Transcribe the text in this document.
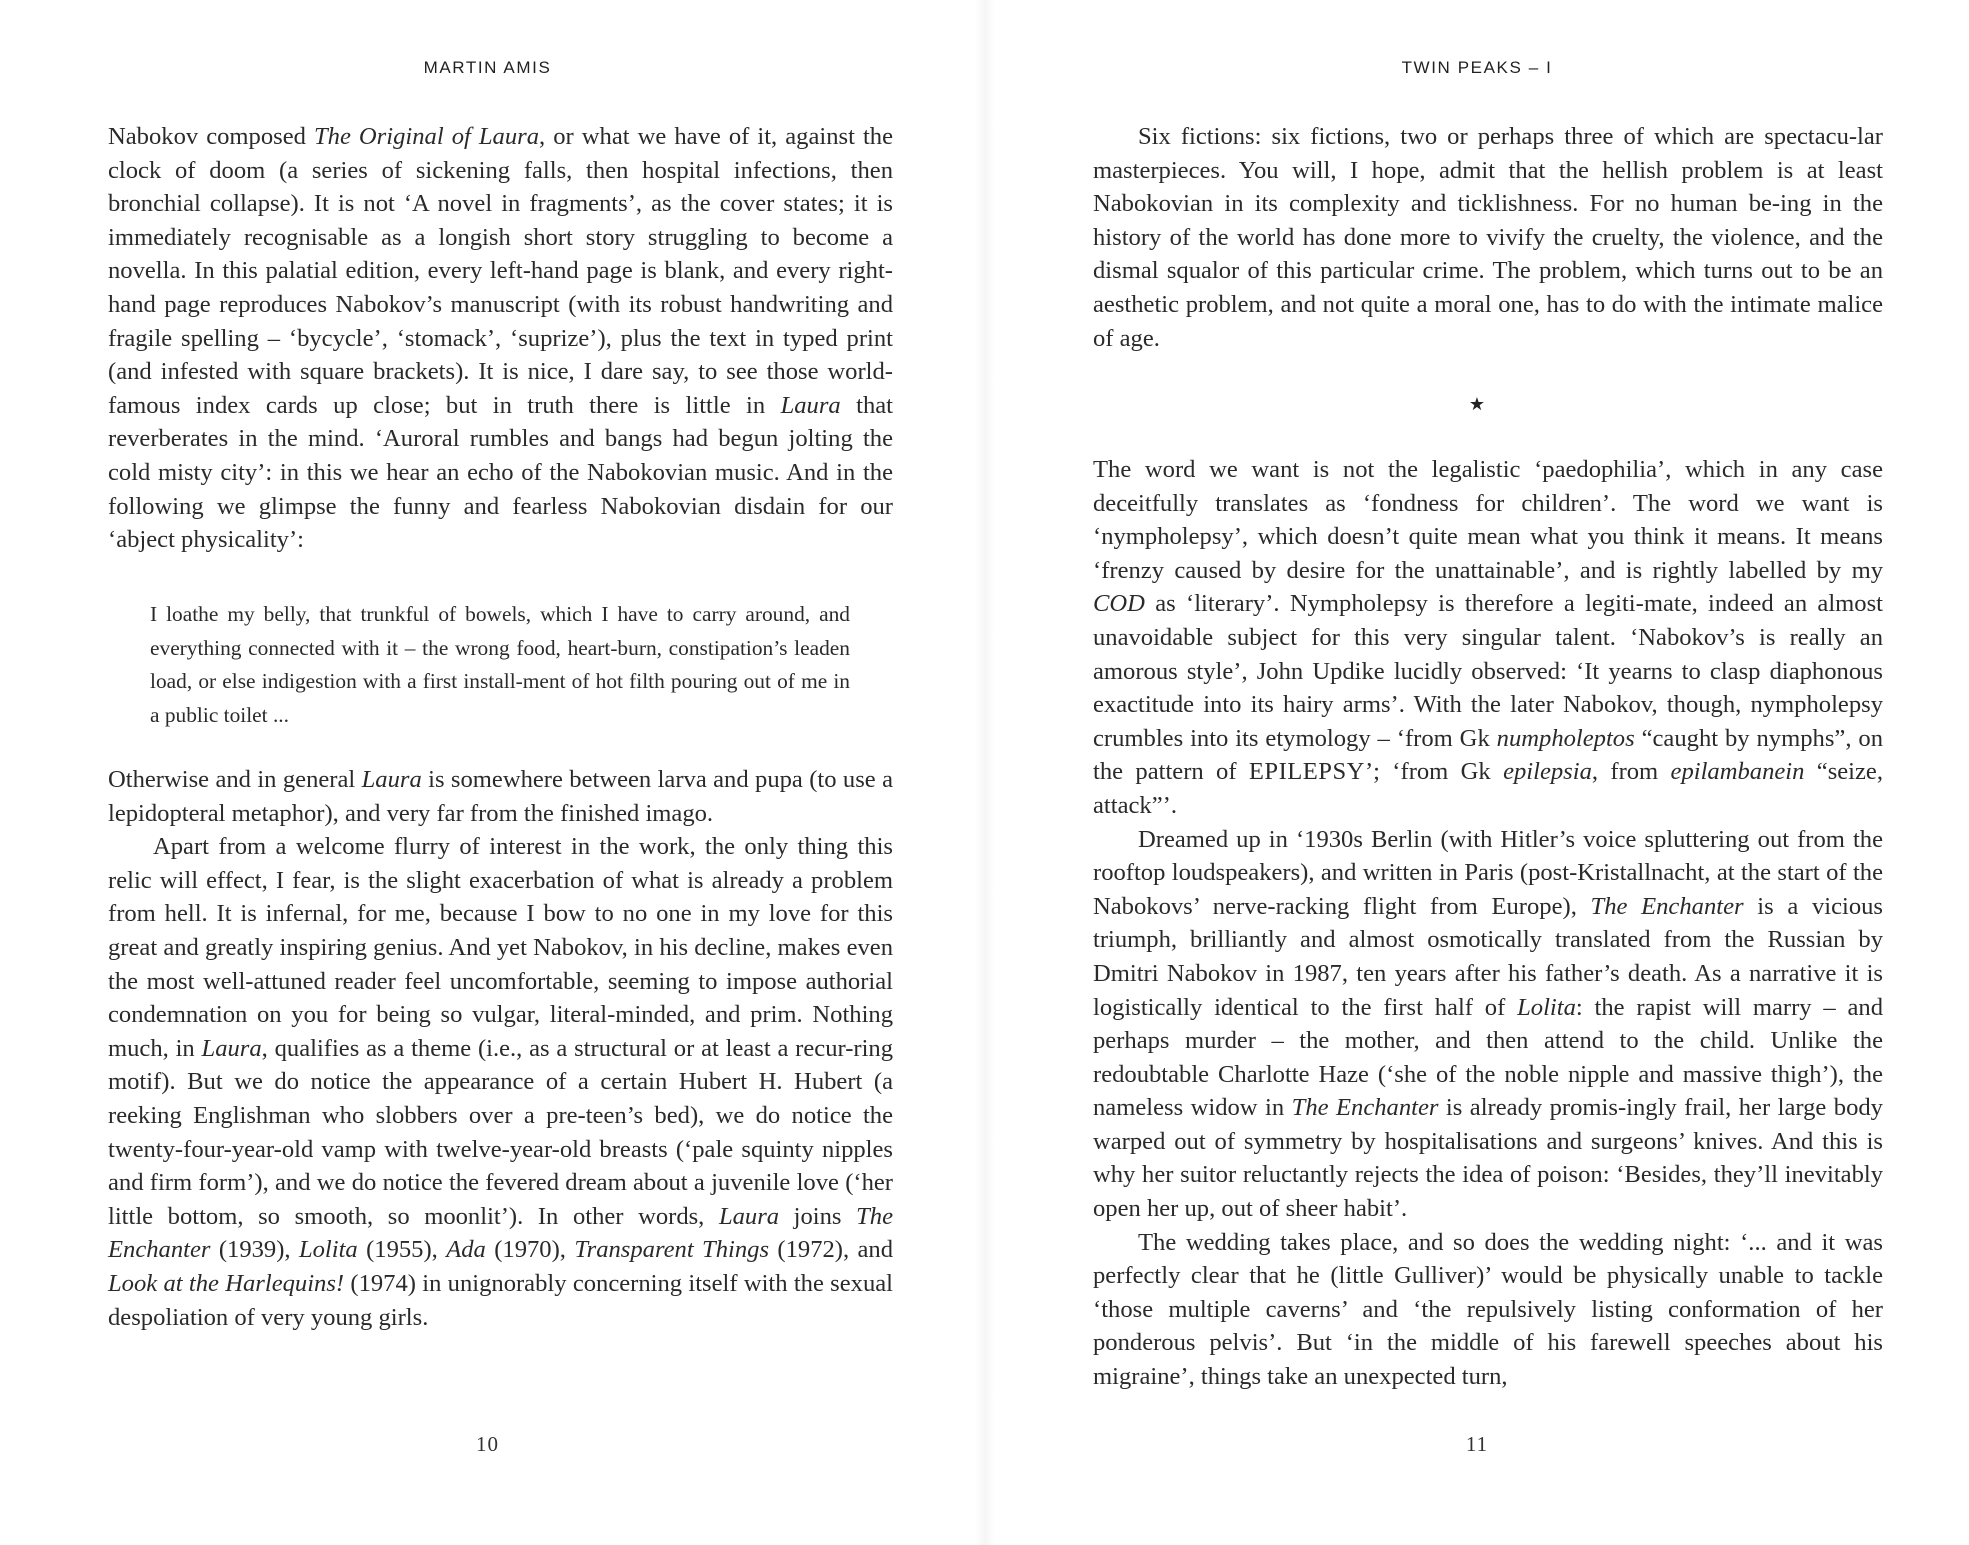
MARTIN AMIS

Nabokov composed The Original of Laura, or what we have of it, against the clock of doom (a series of sickening falls, then hospital infections, then bronchial collapse). It is not ‘A novel in fragments’, as the cover states; it is immediately recognisable as a longish short story struggling to become a novella. In this palatial edition, every left-hand page is blank, and every right-hand page reproduces Nabokov’s manuscript (with its robust handwriting and fragile spelling – ‘bycycle’, ‘stomack’, ‘suprize’), plus the text in typed print (and infested with square brackets). It is nice, I dare say, to see those world-famous index cards up close; but in truth there is little in Laura that reverberates in the mind. ‘Auroral rumbles and bangs had begun jolting the cold misty city’: in this we hear an echo of the Nabokovian music. And in the following we glimpse the funny and fearless Nabokovian disdain for our ‘abject physicality’:

I loathe my belly, that trunkful of bowels, which I have to carry around, and everything connected with it – the wrong food, heart-burn, constipation’s leaden load, or else indigestion with a first install-ment of hot filth pouring out of me in a public toilet ...

Otherwise and in general Laura is somewhere between larva and pupa (to use a lepidopteral metaphor), and very far from the finished imago.

Apart from a welcome flurry of interest in the work, the only thing this relic will effect, I fear, is the slight exacerbation of what is already a problem from hell. It is infernal, for me, because I bow to no one in my love for this great and greatly inspiring genius. And yet Nabokov, in his decline, makes even the most well-attuned reader feel uncomfortable, seeming to impose authorial condemnation on you for being so vulgar, literal-minded, and prim. Nothing much, in Laura, qualifies as a theme (i.e., as a structural or at least a recur-ring motif). But we do notice the appearance of a certain Hubert H. Hubert (a reeking Englishman who slobbers over a pre-teen’s bed), we do notice the twenty-four-year-old vamp with twelve-year-old breasts (‘pale squinty nipples and firm form’), and we do notice the fevered dream about a juvenile love (‘her little bottom, so smooth, so moonlit’). In other words, Laura joins The Enchanter (1939), Lolita (1955), Ada (1970), Transparent Things (1972), and Look at the Harlequins! (1974) in unignorably concerning itself with the sexual despoliation of very young girls.

10
TWIN PEAKS – I

Six fictions: six fictions, two or perhaps three of which are spectacu-lar masterpieces. You will, I hope, admit that the hellish problem is at least Nabokovian in its complexity and ticklishness. For no human be-ing in the history of the world has done more to vivify the cruelty, the violence, and the dismal squalor of this particular crime. The problem, which turns out to be an aesthetic problem, and not quite a moral one, has to do with the intimate malice of age.

★

The word we want is not the legalistic ‘paedophilia’, which in any case deceitfully translates as ‘fondness for children’. The word we want is ‘nympholepsy’, which doesn’t quite mean what you think it means. It means ‘frenzy caused by desire for the unattainable’, and is rightly labelled by my COD as ‘literary’. Nympholepsy is therefore a legiti-mate, indeed an almost unavoidable subject for this very singular talent. ‘Nabokov’s is really an amorous style’, John Updike lucidly observed: ‘It yearns to clasp diaphonous exactitude into its hairy arms’. With the later Nabokov, though, nympholepsy crumbles into its etymology – ‘from Gk numpholeptos “caught by nymphs”, on the pattern of EPILEPSY’; ‘from Gk epilepsia, from epilambanein “seize, attack”’.

Dreamed up in ‘1930s Berlin (with Hitler’s voice spluttering out from the rooftop loudspeakers), and written in Paris (post-Kristallnacht, at the start of the Nabokovs’ nerve-racking flight from Europe), The Enchanter is a vicious triumph, brilliantly and almost osmotically translated from the Russian by Dmitri Nabokov in 1987, ten years after his father’s death. As a narrative it is logistically identical to the first half of Lolita: the rapist will marry – and perhaps murder – the mother, and then attend to the child. Unlike the redoubtable Charlotte Haze (‘she of the noble nipple and massive thigh’), the nameless widow in The Enchanter is already promis-ingly frail, her large body warped out of symmetry by hospitalisations and surgeons’ knives. And this is why her suitor reluctantly rejects the idea of poison: ‘Besides, they’ll inevitably open her up, out of sheer habit’.

The wedding takes place, and so does the wedding night: ‘... and it was perfectly clear that he (little Gulliver)’ would be physically unable to tackle ‘those multiple caverns’ and ‘the repulsively listing conformation of her ponderous pelvis’. But ‘in the middle of his farewell speeches about his migraine’, things take an unexpected turn,

11
